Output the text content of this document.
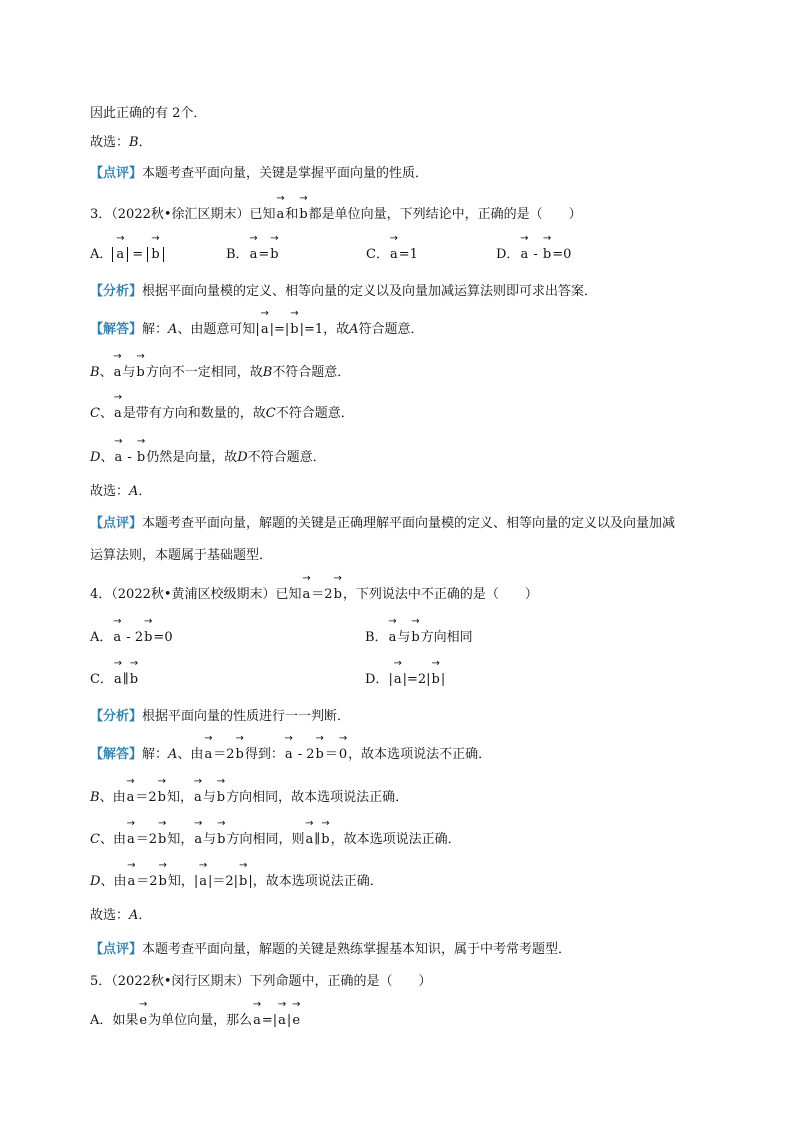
因此正确的有 2个．
故选：B．
【点评】本题考查平面向量，关键是掌握平面向量的性质．
3．（2022秋•徐汇区期末）已知→ a和→ b都是单位向量，下列结论中，正确的是（　　）
A．→ a = → b	B．→ a=→ b	C．→ a=1	D．→ a - → b=0
【分析】根据平面向量模的定义、相等向量的定义以及向量加减运算法则即可求出答案．
【解答】解：A、由题意可知|→ a|=|→ b|=1，故A符合题意．
B、→ a与→ b方向不一定相同，故B不符合题意．
C、→ a是带有方向和数量的，故C不符合题意．
D、→ a - → b仍然是向量，故D不符合题意．
故选：A．
【点评】本题考查平面向量，解题的关键是正确理解平面向量模的定义、相等向量的定义以及向量加减
运算法则，本题属于基础题型．
4．（2022秋•黄浦区校级期末）已知→ a＝2→ b，下列说法中不正确的是（　　）
A．→ a - 2→ b=0	B．→ a与→ b方向相同
C．→ a∥→ b	D．|→ a|=2|→ b|
【分析】根据平面向量的性质进行一一判断．
【解答】解：A、由→ a＝2→ b得到：→ a - 2→ b＝→ 0，故本选项说法不正确．
B、由→ a＝2→ b知，→ a与→ b方向相同，故本选项说法正确．
C、由→ a＝2→ b知，→ a与→ b方向相同，则→ a∥→ b，故本选项说法正确．
D、由→ a＝2→ b知，|→ a|＝2|→ b|，故本选项说法正确．
故选：A．
【点评】本题考查平面向量，解题的关键是熟练掌握基本知识，属于中考常考题型．
5．（2022秋•闵行区期末）下列命题中，正确的是（　　）
A．如果→ e为单位向量，那么→ a=|→ a|→ e
